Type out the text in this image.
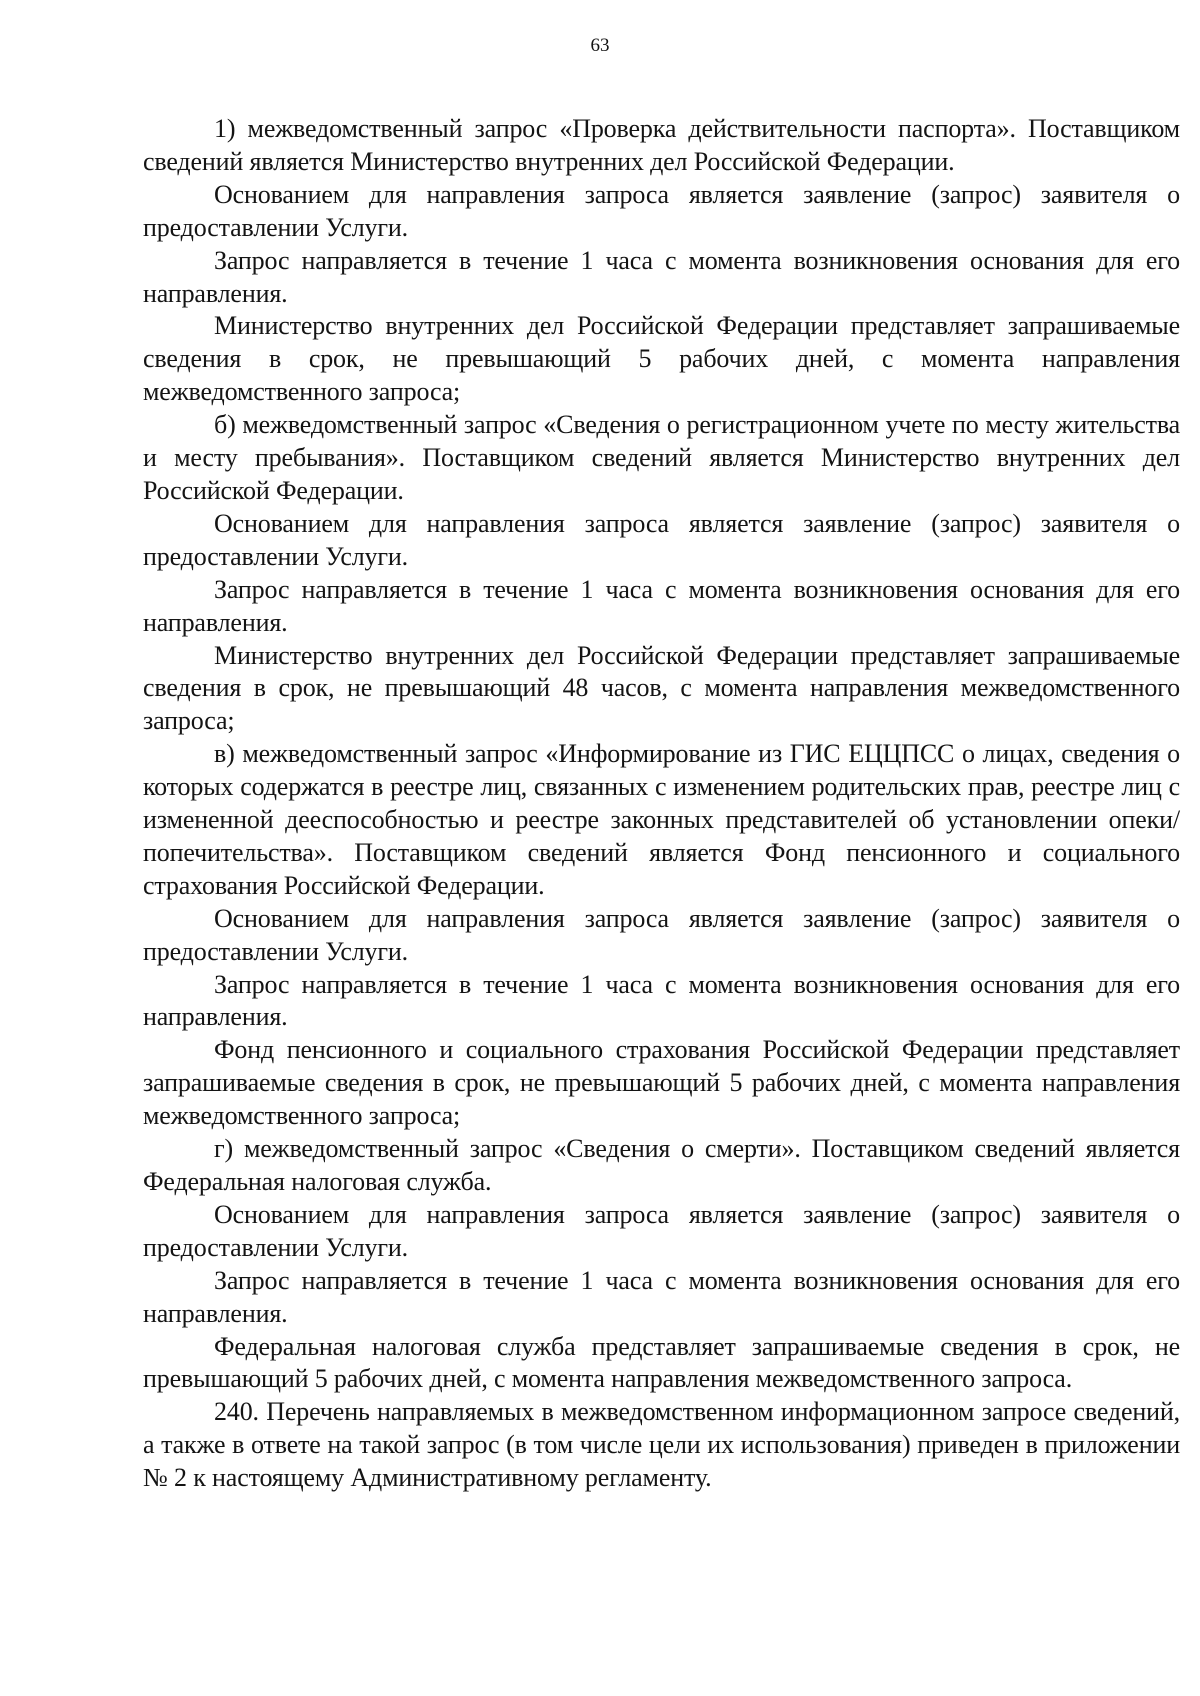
63

1) межведомственный запрос «Проверка действительности паспорта». Поставщиком сведений является Министерство внутренних дел Российской Федерации.

Основанием для направления запроса является заявление (запрос) заявителя о предоставлении Услуги.

Запрос направляется в течение 1 часа с момента возникновения основания для его направления.

Министерство внутренних дел Российской Федерации представляет запрашиваемые сведения в срок, не превышающий 5 рабочих дней, с момента направления межведомственного запроса;

б) межведомственный запрос «Сведения о регистрационном учете по месту жительства и месту пребывания». Поставщиком сведений является Министерство внутренних дел Российской Федерации.

Основанием для направления запроса является заявление (запрос) заявителя о предоставлении Услуги.

Запрос направляется в течение 1 часа с момента возникновения основания для его направления.

Министерство внутренних дел Российской Федерации представляет запрашиваемые сведения в срок, не превышающий 48 часов, с момента направления межведомственного запроса;

в) межведомственный запрос «Информирование из ГИС ЕЦЦПСС о лицах, сведения о которых содержатся в реестре лиц, связанных с изменением родительских прав, реестре лиц с измененной дееспособностью и реестре законных представителей об установлении опеки/попечительства». Поставщиком сведений является Фонд пенсионного и социального страхования Российской Федерации.

Основанием для направления запроса является заявление (запрос) заявителя о предоставлении Услуги.

Запрос направляется в течение 1 часа с момента возникновения основания для его направления.

Фонд пенсионного и социального страхования Российской Федерации представляет запрашиваемые сведения в срок, не превышающий 5 рабочих дней, с момента направления межведомственного запроса;

г) межведомственный запрос «Сведения о смерти». Поставщиком сведений является Федеральная налоговая служба.

Основанием для направления запроса является заявление (запрос) заявителя о предоставлении Услуги.

Запрос направляется в течение 1 часа с момента возникновения основания для его направления.

Федеральная налоговая служба представляет запрашиваемые сведения в срок, не превышающий 5 рабочих дней, с момента направления межведомственного запроса.

240. Перечень направляемых в межведомственном информационном запросе сведений, а также в ответе на такой запрос (в том числе цели их использования) приведен в приложении № 2 к настоящему Административному регламенту.
